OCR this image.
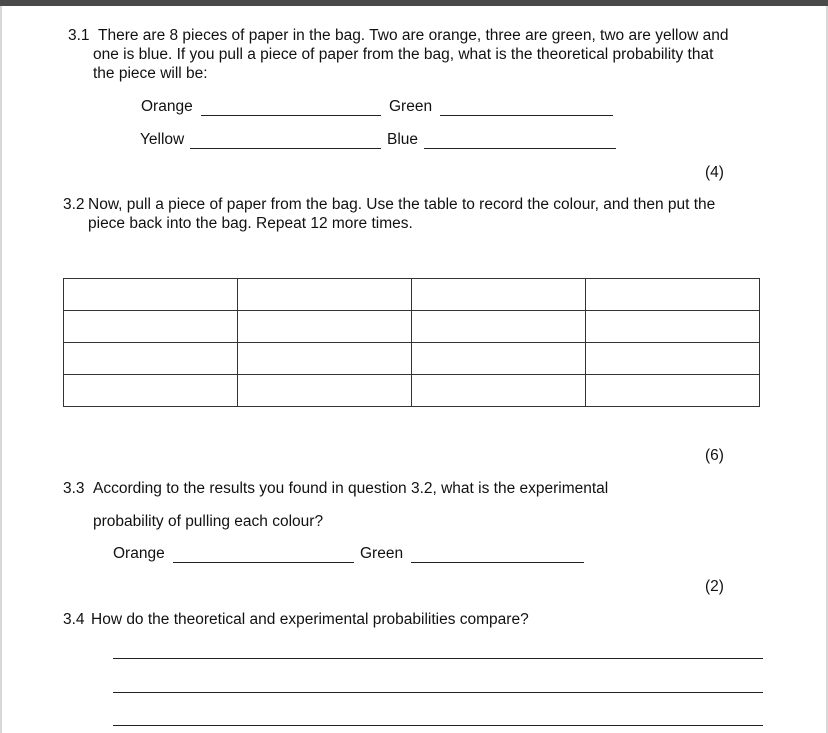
3.1 There are 8 pieces of paper in the bag. Two are orange, three are green, two are yellow and
one is blue. If you pull a piece of paper from the bag, what is the theoretical probability that
the piece will be:
Orange	Green
Yellow	Blue
(4)
3.2 Now, pull a piece of paper from the bag. Use the table to record the colour, and then put the
piece back into the bag. Repeat 12 more times.

(6)
3.3 According to the results you found in question 3.2, what is the experimental
probability of pulling each colour?
Orange	Green
(2)
3.4 How do the theoretical and experimental probabilities compare?
